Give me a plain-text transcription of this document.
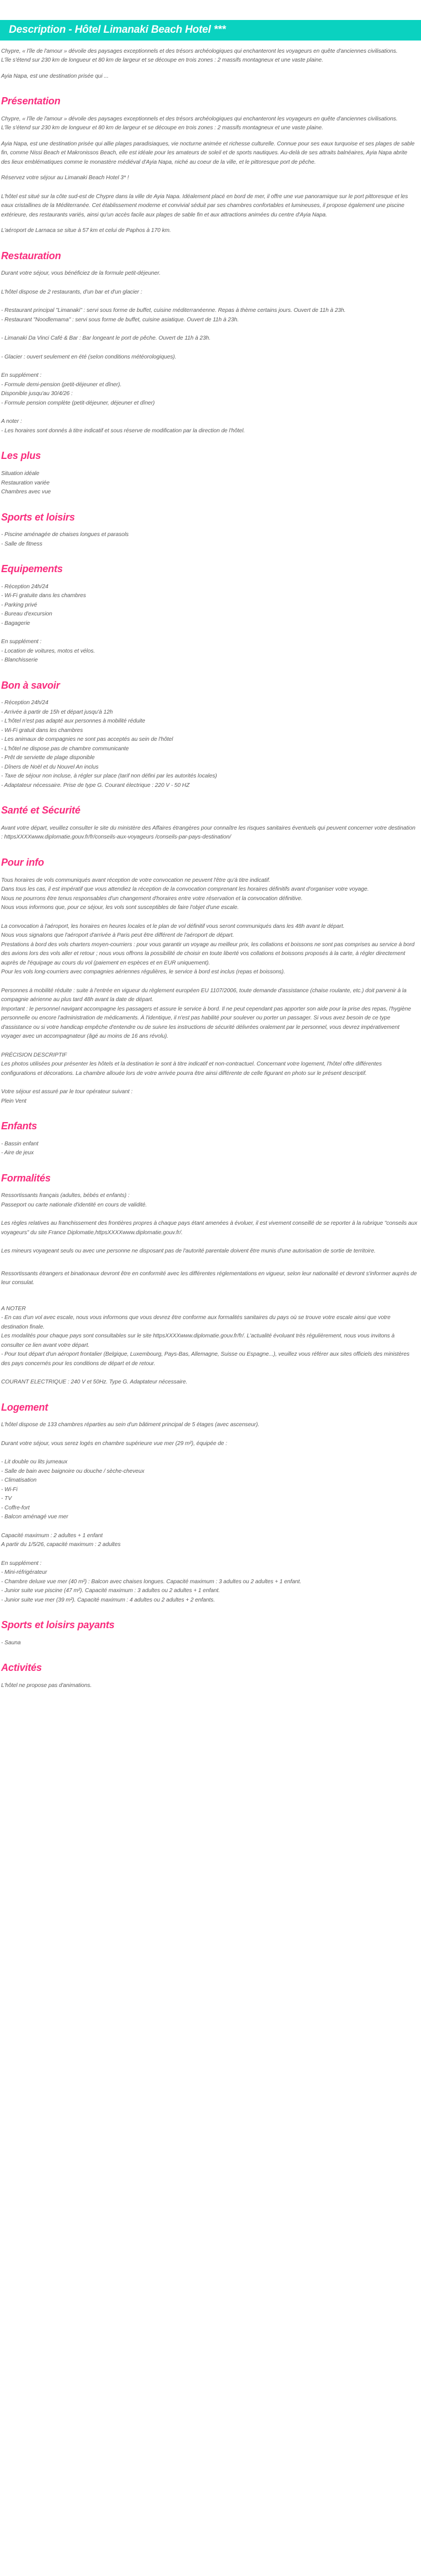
Description - Hôtel Limanaki Beach Hotel ***

Chypre, « l'île de l'amour » dévoile des paysages exceptionnels et des trésors archéologiques qui enchanteront les voyageurs en quête d'anciennes civilisations.

L'île s'étend sur 230 km de longueur et 80 km de largeur et se découpe en trois zones : 2 massifs montagneux et une vaste plaine.

Ayia Napa, est une destination prisée qui ...

Présentation

Chypre, « l'île de l'amour » dévoile des paysages exceptionnels et des trésors archéologiques qui enchanteront les voyageurs en quête d'anciennes civilisations.

L'île s'étend sur 230 km de longueur et 80 km de largeur et se découpe en trois zones : 2 massifs montagneux et une vaste plaine.

Ayia Napa, est une destination prisée qui allie plages paradisiaques, vie nocturne animée et richesse culturelle. Connue pour ses eaux turquoise et ses plages de sable fin, comme Nissi Beach et Makronissos Beach, elle est idéale pour les amateurs de soleil et de sports nautiques. Au-delà de ses attraits balnéaires, Ayia Napa abrite des lieux emblématiques comme le monastère médiéval d'Ayia Napa, niché au coeur de la ville, et le pittoresque port de pêche.

Réservez votre séjour au Limanaki Beach Hotel 3* !

L'hôtel est situé sur la côte sud-est de Chypre dans la ville de Ayia Napa. Idéalement placé en bord de mer, il offre une vue panoramique sur le port pittoresque et les eaux cristallines de la Méditerranée. Cet établissement moderne et convivial séduit par ses chambres confortables et lumineuses, il propose également une piscine extérieure, des restaurants variés, ainsi qu'un accès facile aux plages de sable fin et aux attractions animées du centre d'Ayia Napa.

L'aéroport de Larnaca se situe à 57 km et celui de Paphos à 170 km.

Restauration

Durant votre séjour, vous bénéficiez de la formule petit-déjeuner.

L'hôtel dispose de 2 restaurants, d'un bar et d'un glacier :

- Restaurant principal "Limanaki" : servi sous forme de buffet, cuisine méditerranéenne. Repas à thème certains jours. Ouvert de 11h à 23h.

- Restaurant "Noodlemama" : servi sous forme de buffet, cuisine asiatique. Ouvert de 11h à 23h.

- Limanaki Da Vinci Café & Bar : Bar longeant le port de pêche. Ouvert de 11h à 23h.

- Glacier : ouvert seulement en été (selon conditions météorologiques).

En supplément :

- Formule demi-pension (petit-déjeuner et dîner).

Disponible jusqu'au 30/4/26 :

- Formule pension complète (petit-déjeuner, déjeuner et dîner)

A noter :

- Les horaires sont donnés à titre indicatif et sous réserve de modification par la direction de l'hôtel.

Les plus

Situation idéale

Restauration variée

Chambres avec vue

Sports et loisirs

- Piscine aménagée de chaises longues et parasols

- Salle de fitness

Equipements

- Réception 24h/24

- Wi-Fi gratuite dans les chambres

- Parking privé

- Bureau d'excursion

- Bagagerie

En supplément :

- Location de voitures, motos et vélos.

- Blanchisserie

Bon à savoir

- Réception 24h/24

- Arrivée à partir de 15h et départ jusqu'à 12h

- L'hôtel n'est pas adapté aux personnes à mobilité réduite

- Wi-Fi gratuit dans les chambres

- Les animaux de compagnies ne sont pas acceptés au sein de l'hôtel

- L'hôtel ne dispose pas de chambre communicante

- Prêt de serviette de plage disponible

- Dîners de Noël et du Nouvel An inclus

- Taxe de séjour non incluse, à régler sur place (tarif non défini par les autorités locales)

- Adaptateur nécessaire. Prise de type G. Courant électrique : 220 V - 50 HZ

Santé et Sécurité

Avant votre départ, veuillez consulter le site du ministère des Affaires étrangères pour connaître les risques sanitaires éventuels qui peuvent concerner votre destination : httpsXXXXwww.diplomatie.gouv.fr/fr/conseils-aux-voyageurs /conseils-par-pays-destination/

Pour info

Tous horaires de vols communiqués avant réception de votre convocation ne peuvent l'être qu'à titre indicatif.

Dans tous les cas, il est impératif que vous attendiez la réception de la convocation comprenant les horaires définitifs avant d'organiser votre voyage.

Nous ne pourrons être tenus responsables d'un changement d'horaires entre votre réservation et la convocation définitive.

Nous vous informons que, pour ce séjour, les vols sont susceptibles de faire l'objet d'une escale.

La convocation à l'aéroport, les horaires en heures locales et le plan de vol définitif vous seront communiqués dans les 48h avant le départ.

Nous vous signalons que l'aéroport d'arrivée à Paris peut être différent de l'aéroport de départ.

Prestations à bord des vols charters moyen-courriers : pour vous garantir un voyage au meilleur prix, les collations et boissons ne sont pas comprises au service à bord des avions lors des vols aller et retour ; nous vous offrons la possibilité de choisir en toute liberté vos collations et boissons proposés à la carte, à régler directement auprès de l'équipage au cours du vol (paiement en espèces et en EUR uniquement).

Pour les vols long-courriers avec compagnies aériennes régulières, le service à bord est inclus (repas et boissons).

Personnes à mobilité réduite : suite à l'entrée en vigueur du règlement européen EU 1107/2006, toute demande d'assistance (chaise roulante, etc.) doit parvenir à la compagnie aérienne au plus tard 48h avant la date de départ.

Important : le personnel navigant accompagne les passagers et assure le service à bord. Il ne peut cependant pas apporter son aide pour la prise des repas, l'hygiène personnelle ou encore l'administration de médicaments. À l'identique, il n'est pas habilité pour soulever ou porter un passager. Si vous avez besoin de ce type d'assistance ou si votre handicap empêche d'entendre ou de suivre les instructions de sécurité délivrées oralement par le personnel, vous devrez impérativement voyager avec un accompagnateur (âgé au moins de 16 ans révolu).

PRÉCISION DESCRIPTIF

Les photos utilisées pour présenter les hôtels et la destination le sont à titre indicatif et non-contractuel. Concernant votre logement, l'hôtel offre différentes configurations et décorations. La chambre allouée lors de votre arrivée pourra être ainsi différente de celle figurant en photo sur le présent descriptif.

Votre séjour est assuré par le tour opérateur suivant :

Plein Vent

Enfants

- Bassin enfant

- Aire de jeux

Formalités

Ressortissants français (adultes, bébés et enfants) :

Passeport ou carte nationale d'identité en cours de validité.

Les règles relatives au franchissement des frontières propres à chaque pays étant amenées à évoluer, il est vivement conseillé de se reporter à la rubrique "conseils aux voyageurs" du site France Diplomatie,httpsXXXXwww.diplomatie.gouv.fr/.

Les mineurs voyageant seuls ou avec une personne ne disposant pas de l'autorité parentale doivent être munis d'une autorisation de sortie de territoire.

Ressortissants étrangers et binationaux devront être en conformité avec les différentes réglementations en vigueur, selon leur nationalité et devront s'informer auprès de leur consulat.

A NOTER

- En cas d'un vol avec escale, nous vous informons que vous devrez être conforme aux formalités sanitaires du pays où se trouve votre escale ainsi que votre destination finale.

Les modalités pour chaque pays sont consultables sur le site httpsXXXXwww.diplomatie.gouv.fr/fr/. L'actualité évoluant très régulièrement, nous vous invitons à consulter ce lien avant votre départ.

- Pour tout départ d'un aéroport frontalier (Belgique, Luxembourg, Pays-Bas, Allemagne, Suisse ou Espagne...), veuillez vous référer aux sites officiels des ministères des pays concernés pour les conditions de départ et de retour.

COURANT ELECTRIQUE : 240 V et 50Hz. Type G. Adaptateur nécessaire.

Logement

L'hôtel dispose de 133 chambres réparties au sein d'un bâtiment principal de 5 étages (avec ascenseur).

Durant votre séjour, vous serez logés en chambre supérieure vue mer (29 m²), équipée de :

- Lit double ou lits jumeaux

- Salle de bain avec baignoire ou douche / sèche-cheveux

- Climatisation

- Wi-Fi

- TV

- Coffre-fort

- Balcon aménagé vue mer

Capacité maximum : 2 adultes + 1 enfant

A partir du 1/5/26, capacité maximum : 2 adultes

En supplément :

- Mini-réfrigérateur

- Chambre deluxe vue mer (40 m²) : Balcon avec chaises longues. Capacité maximum : 3 adultes ou 2 adultes + 1 enfant.

- Junior suite vue piscine (47 m²). Capacité maximum : 3 adultes ou 2 adultes + 1 enfant.

- Junior suite vue mer (39 m²). Capacité maximum : 4 adultes ou 2 adultes + 2 enfants.

Sports et loisirs payants

- Sauna

Activités

L'hôtel ne propose pas d'animations.
